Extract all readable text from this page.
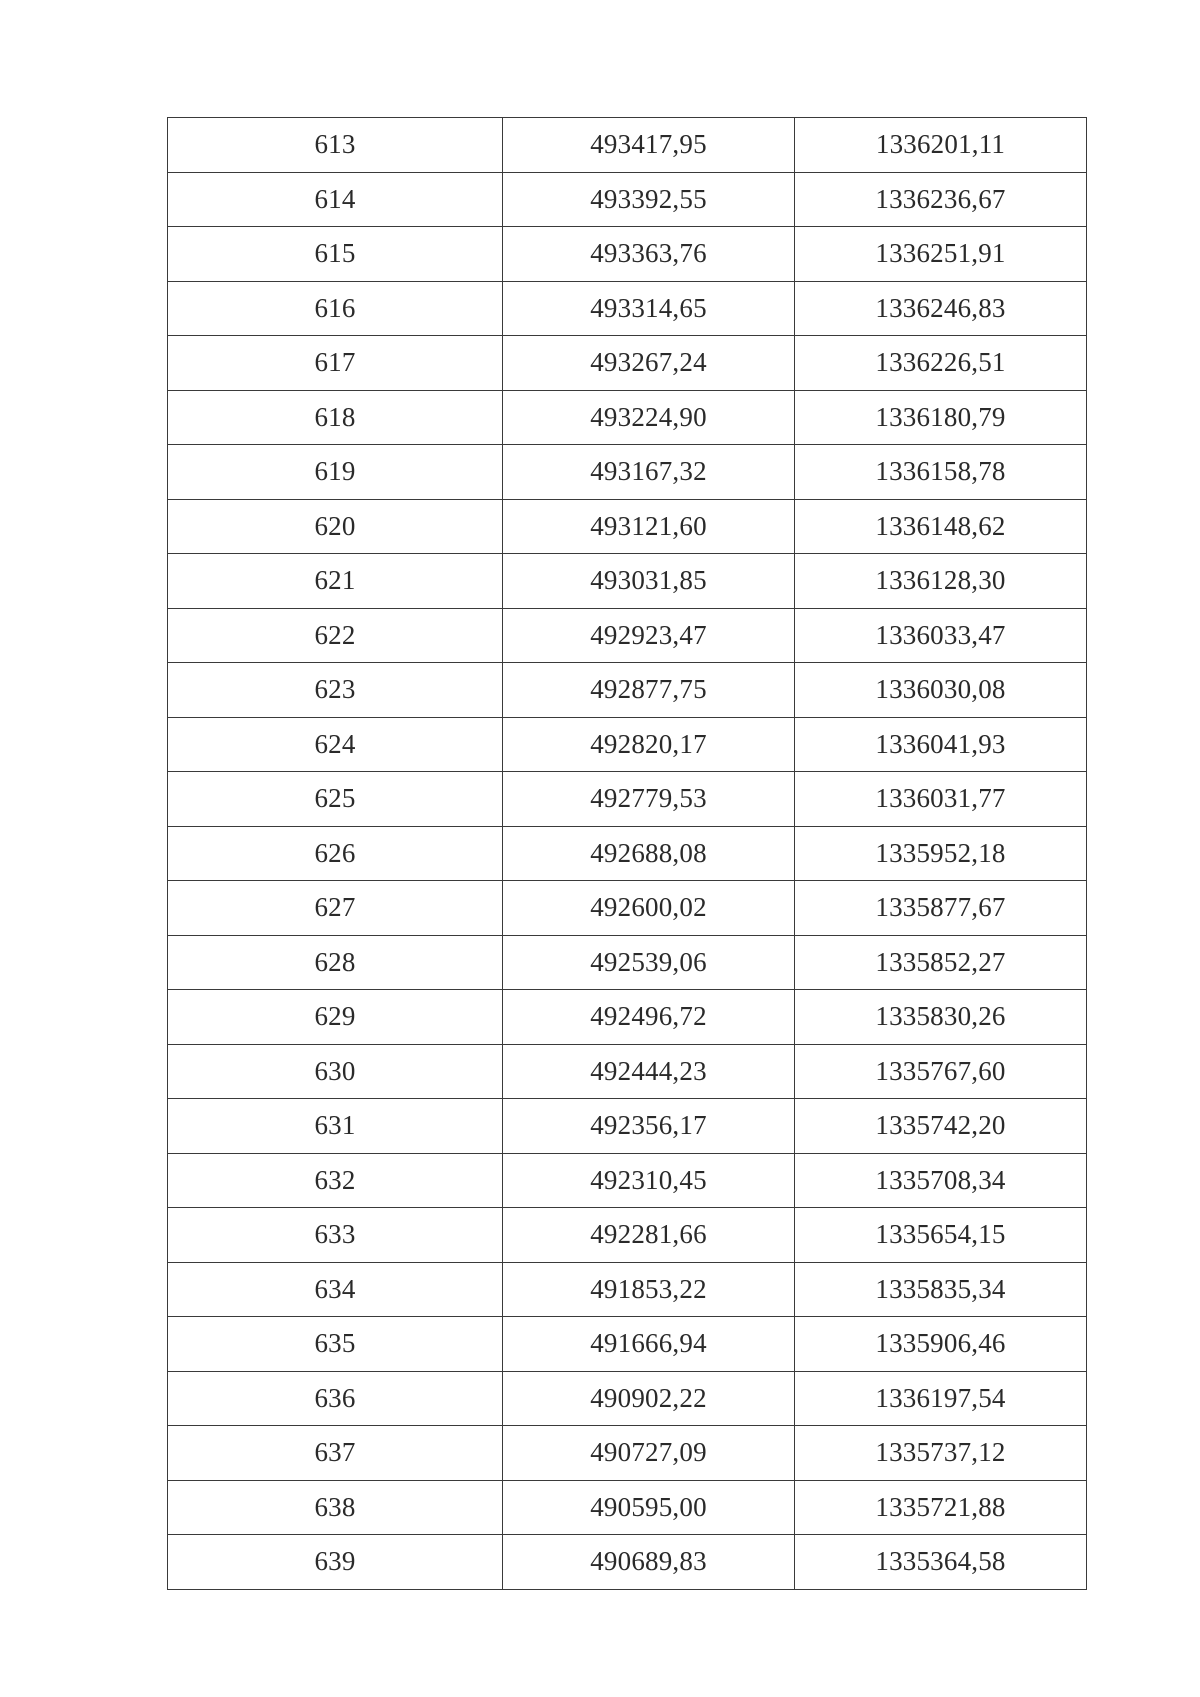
613	493417,95	1336201,11
614	493392,55	1336236,67
615	493363,76	1336251,91
616	493314,65	1336246,83
617	493267,24	1336226,51
618	493224,90	1336180,79
619	493167,32	1336158,78
620	493121,60	1336148,62
621	493031,85	1336128,30
622	492923,47	1336033,47
623	492877,75	1336030,08
624	492820,17	1336041,93
625	492779,53	1336031,77
626	492688,08	1335952,18
627	492600,02	1335877,67
628	492539,06	1335852,27
629	492496,72	1335830,26
630	492444,23	1335767,60
631	492356,17	1335742,20
632	492310,45	1335708,34
633	492281,66	1335654,15
634	491853,22	1335835,34
635	491666,94	1335906,46
636	490902,22	1336197,54
637	490727,09	1335737,12
638	490595,00	1335721,88
639	490689,83	1335364,58
